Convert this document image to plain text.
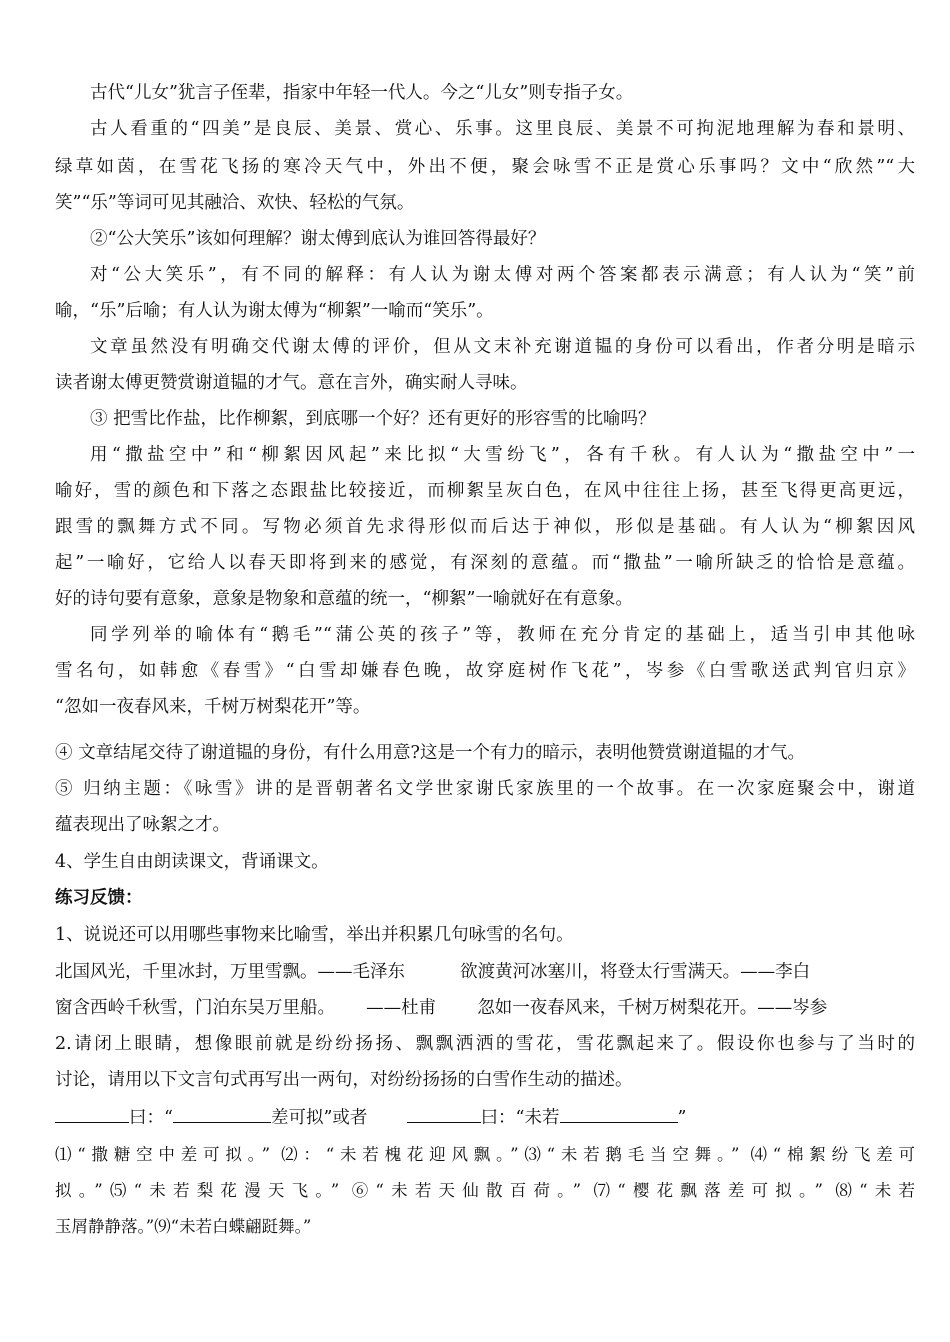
古代“儿女”犹言子侄辈，指家中年轻一代人。今之“儿女”则专指子女。
古人看重的“四美”是良辰、美景、赏心、乐事。这里良辰、美景不可拘泥地理解为春和景明、
绿草如茵，在雪花飞扬的寒冷天气中，外出不便，聚会咏雪不正是赏心乐事吗？文中“欣然”“大
笑”“乐”等词可见其融洽、欢快、轻松的气氛。
②“公大笑乐”该如何理解？谢太傅到底认为谁回答得最好？
对“公大笑乐”，有不同的解释：有人认为谢太傅对两个答案都表示满意；有人认为“笑”前
喻，“乐”后喻；有人认为谢太傅为“柳絮”一喻而“笑乐”。
文章虽然没有明确交代谢太傅的评价，但从文末补充谢道韫的身份可以看出，作者分明是暗示
读者谢太傅更赞赏谢道韫的才气。意在言外，确实耐人寻味。
③ 把雪比作盐，比作柳絮，到底哪一个好？还有更好的形容雪的比喻吗？
用“撒盐空中”和“柳絮因风起”来比拟“大雪纷飞”，各有千秋。有人认为“撒盐空中”一
喻好，雪的颜色和下落之态跟盐比较接近，而柳絮呈灰白色，在风中往往上扬，甚至飞得更高更远，
跟雪的飘舞方式不同。写物必须首先求得形似而后达于神似，形似是基础。有人认为“柳絮因风
起”一喻好，它给人以春天即将到来的感觉，有深刻的意蕴。而“撒盐”一喻所缺乏的恰恰是意蕴。
好的诗句要有意象，意象是物象和意蕴的统一，“柳絮”一喻就好在有意象。
同学列举的喻体有“鹅毛”“蒲公英的孩子”等，教师在充分肯定的基础上，适当引申其他咏
雪名句，如韩愈《春雪》“白雪却嫌春色晚，故穿庭树作飞花”，岑参《白雪歌送武判官归京》
“忽如一夜春风来，千树万树梨花开”等。
④ 文章结尾交待了谢道韫的身份，有什么用意?这是一个有力的暗示，表明他赞赏谢道韫的才气。
⑤ 归纳主题：《咏雪》讲的是晋朝著名文学世家谢氏家族里的一个故事。在一次家庭聚会中，谢道
蕴表现出了咏絮之才。
4、学生自由朗读课文，背诵课文。
练习反馈：
1、说说还可以用哪些事物来比喻雪，举出并积累几句咏雪的名句。
北国风光，千里冰封，万里雪飘。——毛泽东	欲渡黄河冰塞川，将登太行雪满天。——李白
窗含西岭千秋雪，门泊东吴万里船。 ——杜甫 忽如一夜春风来，千树万树梨花开。——岑参
2.请闭上眼睛，想像眼前就是纷纷扬扬、飘飘洒洒的雪花，雪花飘起来了。假设你也参与了当时的
讨论，请用以下文言句式再写出一两句，对纷纷扬扬的白雪作生动的描述。
曰：“	差可拟”或者	曰：“未若	”
⑴“撒糖空中差可拟。” ⑵：“未若槐花迎风飘。”⑶“未若鹅毛当空舞。” ⑷“棉絮纷飞差可
拟。”⑸“未若梨花漫天飞。” ⑥“未若天仙散百荷。” ⑺“樱花飘落差可拟。” ⑻“未若
玉屑静静落。”⑼“未若白蝶翩跹舞。”
